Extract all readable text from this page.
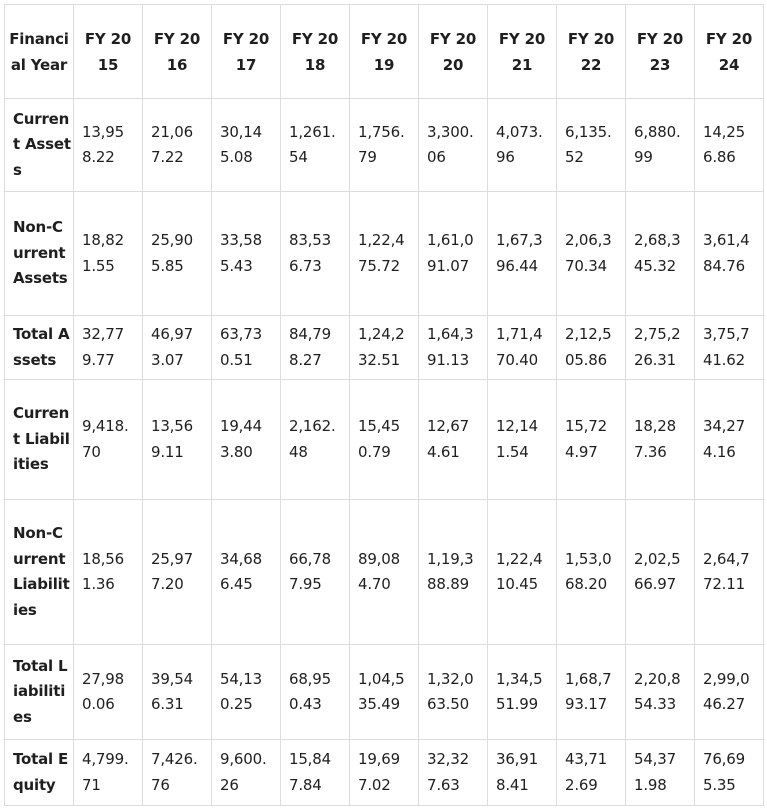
Financial Year	FY 2015	FY 2016	FY 2017	FY 2018	FY 2019	FY 2020	FY 2021	FY 2022	FY 2023	FY 2024
Current Assets	13,958.22	21,067.22	30,145.08	1,261.54	1,756.79	3,300.06	4,073.96	6,135.52	6,880.99	14,256.86
Non-Current Assets	18,821.55	25,905.85	33,585.43	83,536.73	1,22,475.72	1,61,091.07	1,67,396.44	2,06,370.34	2,68,345.32	3,61,484.76
Total Assets	32,779.77	46,973.07	63,730.51	84,798.27	1,24,232.51	1,64,391.13	1,71,470.40	2,12,505.86	2,75,226.31	3,75,741.62
Current Liabilities	9,418.70	13,569.11	19,443.80	2,162.48	15,450.79	12,674.61	12,141.54	15,724.97	18,287.36	34,274.16
Non-Current Liabilities	18,561.36	25,977.20	34,686.45	66,787.95	89,084.70	1,19,388.89	1,22,410.45	1,53,068.20	2,02,566.97	2,64,772.11
Total Liabilities	27,980.06	39,546.31	54,130.25	68,950.43	1,04,535.49	1,32,063.50	1,34,551.99	1,68,793.17	2,20,854.33	2,99,046.27
Total Equity	4,799.71	7,426.76	9,600.26	15,847.84	19,697.02	32,327.63	36,918.41	43,712.69	54,371.98	76,695.35
